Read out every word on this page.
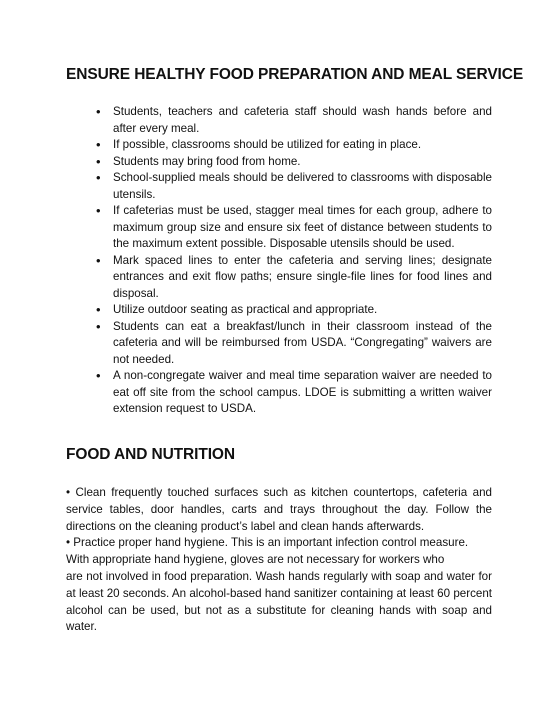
ENSURE HEALTHY FOOD PREPARATION AND MEAL SERVICE
• Students, teachers and cafeteria staff should wash hands before and after every meal.
• If possible, classrooms should be utilized for eating in place.
• Students may bring food from home.
• School-supplied meals should be delivered to classrooms with disposable utensils.
• If cafeterias must be used, stagger meal times for each group, adhere to maximum group size and ensure six feet of distance between students to the maximum extent possible. Disposable utensils should be used.
• Mark spaced lines to enter the cafeteria and serving lines; designate entrances and exit flow paths; ensure single-file lines for food lines and disposal.
• Utilize outdoor seating as practical and appropriate.
• Students can eat a breakfast/lunch in their classroom instead of the cafeteria and will be reimbursed from USDA. “Congregating” waivers are not needed.
• A non-congregate waiver and meal time separation waiver are needed to eat off site from the school campus. LDOE is submitting a written waiver extension request to USDA.
FOOD AND NUTRITION

• Clean frequently touched surfaces such as kitchen countertops, cafeteria and service tables, door handles, carts and trays throughout the day. Follow the directions on the cleaning product’s label and clean hands afterwards.

• Practice proper hand hygiene. This is an important infection control measure. With appropriate hand hygiene, gloves are not necessary for workers who

are not involved in food preparation. Wash hands regularly with soap and water for at least 20 seconds. An alcohol-based hand sanitizer containing at least 60 percent alcohol can be used, but not as a substitute for cleaning hands with soap and water.
